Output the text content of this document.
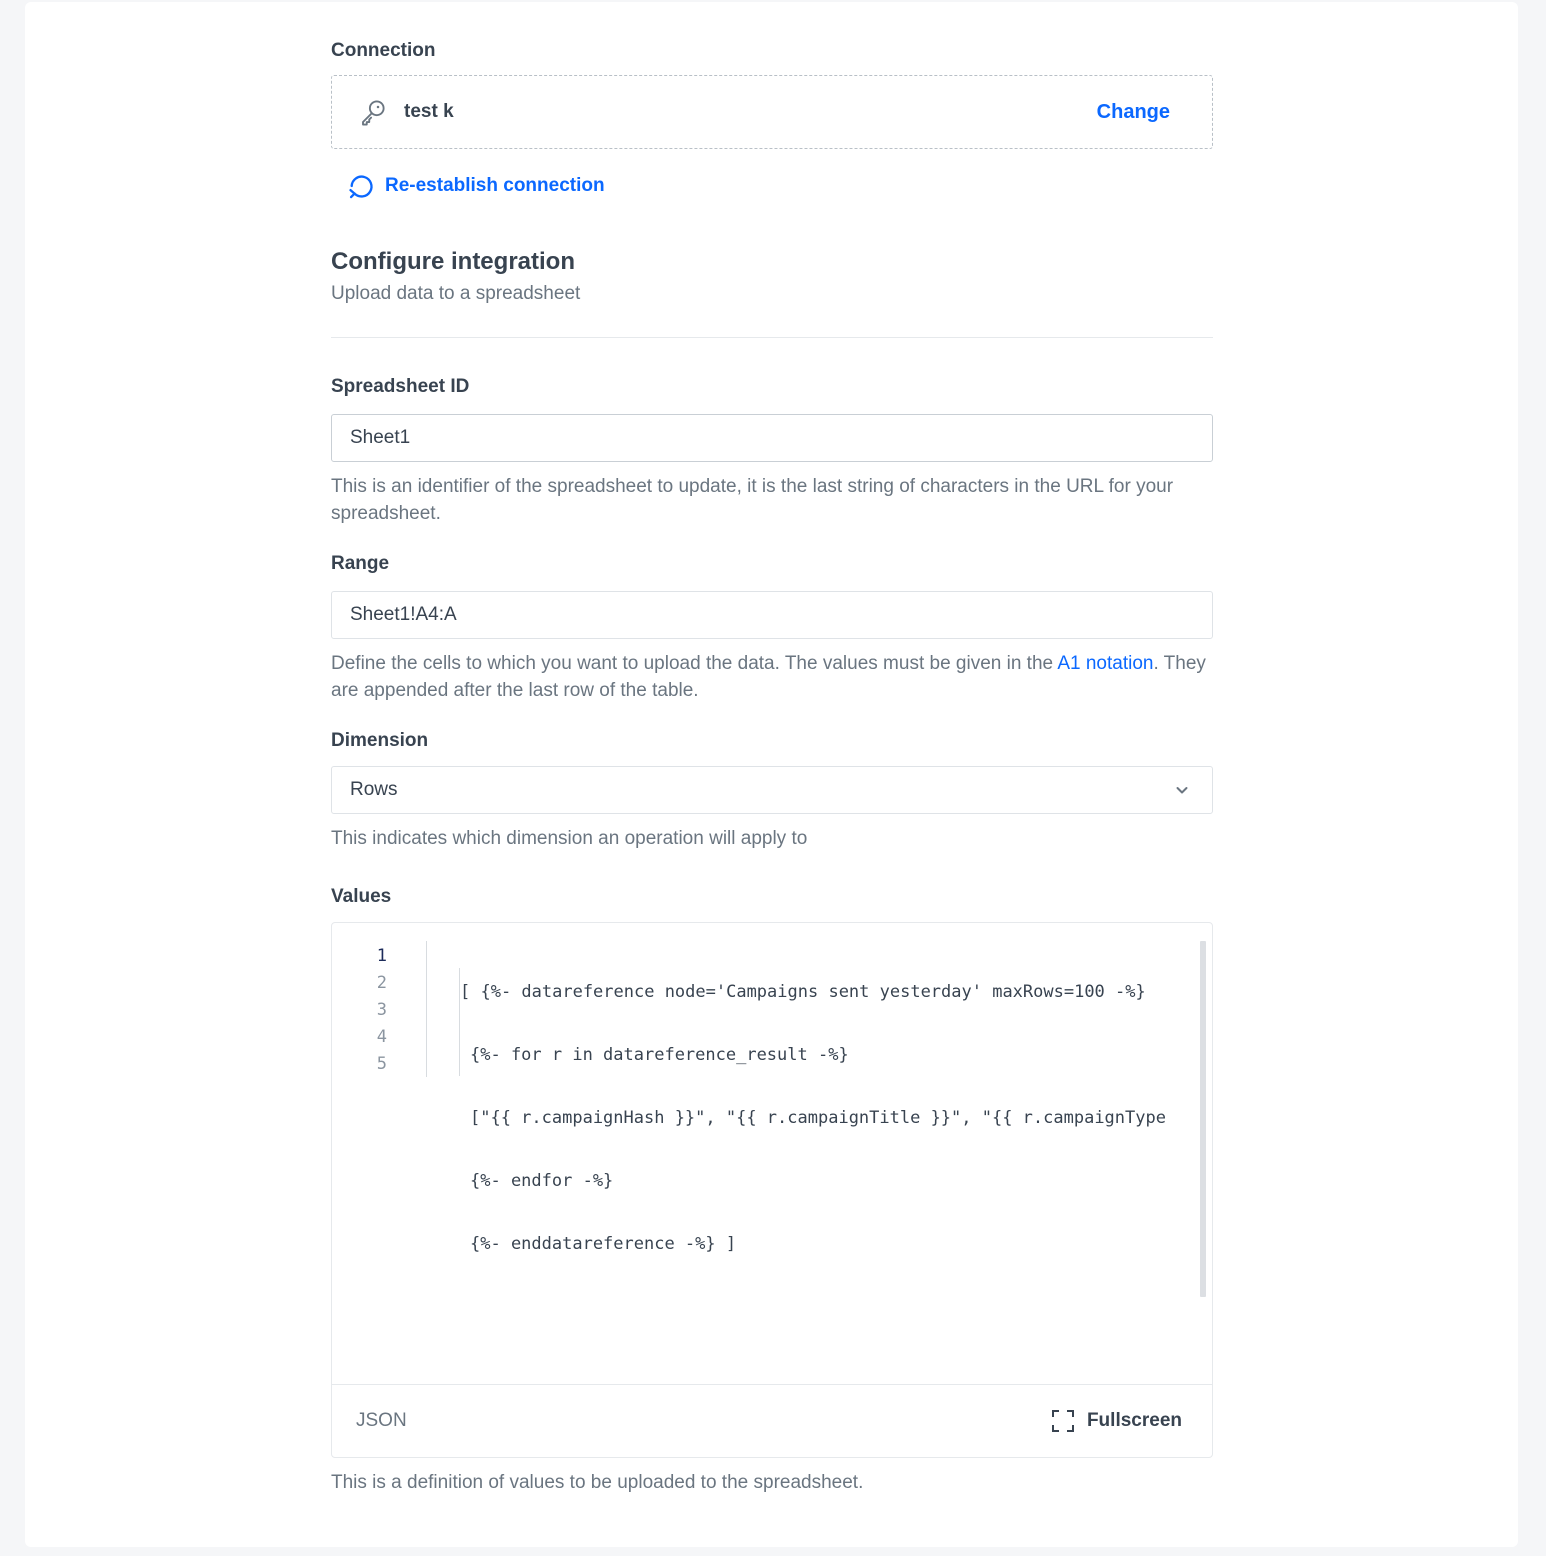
Connection
test k	Change
Re-establish connection
Configure integration
Upload data to a spreadsheet
Spreadsheet ID
Sheet1
This is an identifier of the spreadsheet to update, it is the last string of characters in the URL for your spreadsheet.
Range
Sheet1!A4:A
Define the cells to which you want to upload the data. The values must be given in the A1 notation. They are appended after the last row of the table.
Dimension
Rows
This indicates which dimension an operation will apply to
Values
1
2
3
4
5

[ {%- datareference node='Campaigns sent yesterday' maxRows=100 -%}

{%- for r in datareference_result -%}

["{{ r.campaignHash }}", "{{ r.campaignTitle }}", "{{ r.campaignType

{%- endfor -%}

{%- enddatareference -%} ]

JSON	Fullscreen
This is a definition of values to be uploaded to the spreadsheet.
